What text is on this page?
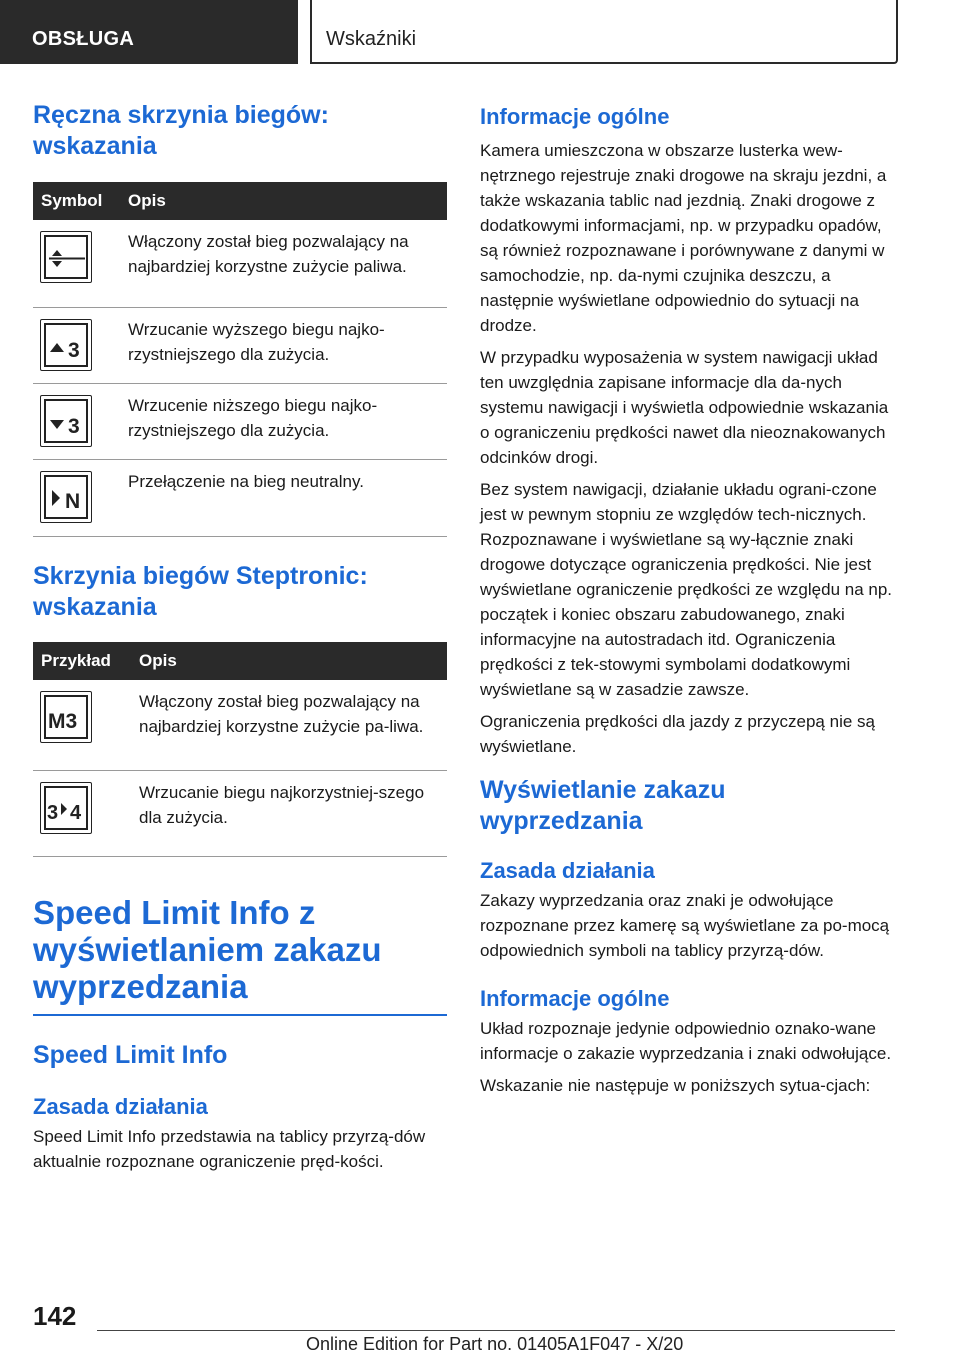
OBSŁUGA	Wskaźniki
Ręczna skrzynia biegów: wskazania
Symbol	Opis

Włączony został bieg pozwalający na najbardziej korzystne zużycie paliwa.

3	Wrzucanie wyższego biegu najko-rzystniejszego dla zużycia.

3	Wrzucenie niższego biegu najko-rzystniejszego dla zużycia.

N	Przełączenie na bieg neutralny.
Skrzynia biegów Steptronic: wskazania
Przykład	Opis

M3	Włączony został bieg pozwalający na najbardziej korzystne zużycie pa-liwa.

3 4	Wrzucanie biegu najkorzystniej-szego dla zużycia.
Speed Limit Info z wyświetlaniem zakazu wyprzedzania
Speed Limit Info
Zasada działania

Speed Limit Info przedstawia na tablicy przyrzą-dów aktualnie rozpoznane ograniczenie pręd-kości.

Informacje ogólne

Kamera umieszczona w obszarze lusterka wew-nętrznego rejestruje znaki drogowe na skraju jezdni, a także wskazania tablic nad jezdnią. Znaki drogowe z dodatkowymi informacjami, np. w przypadku opadów, są również rozpoznawane i porównywane z danymi w samochodzie, np. da-nymi czujnika deszczu, a następnie wyświetlane odpowiednio do sytuacji na drodze.

W przypadku wyposażenia w system nawigacji układ ten uwzględnia zapisane informacje dla da-nych systemu nawigacji i wyświetla odpowiednie wskazania o ograniczeniu prędkości nawet dla nieoznakowanych odcinków drogi.

Bez system nawigacji, działanie układu ograni-czone jest w pewnym stopniu ze względów tech-nicznych. Rozpoznawane i wyświetlane są wy-łącznie znaki drogowe dotyczące ograniczenia prędkości. Nie jest wyświetlane ograniczenie prędkości ze względu na np. początek i koniec obszaru zabudowanego, znaki informacyjne na autostradach itd. Ograniczenia prędkości z tek-stowymi symbolami dodatkowymi wyświetlane są w zasadzie zawsze.

Ograniczenia prędkości dla jazdy z przyczepą nie są wyświetlane.

Wyświetlanie zakazu wyprzedzania
Zasada działania

Zakazy wyprzedzania oraz znaki je odwołujące rozpoznane przez kamerę są wyświetlane za po-mocą odpowiednich symboli na tablicy przyrzą-dów.

Informacje ogólne

Układ rozpoznaje jedynie odpowiednio oznako-wane informacje o zakazie wyprzedzania i znaki odwołujące.

Wskazanie nie następuje w poniższych sytua-cjach:

142
Online Edition for Part no. 01405A1F047 - X/20
